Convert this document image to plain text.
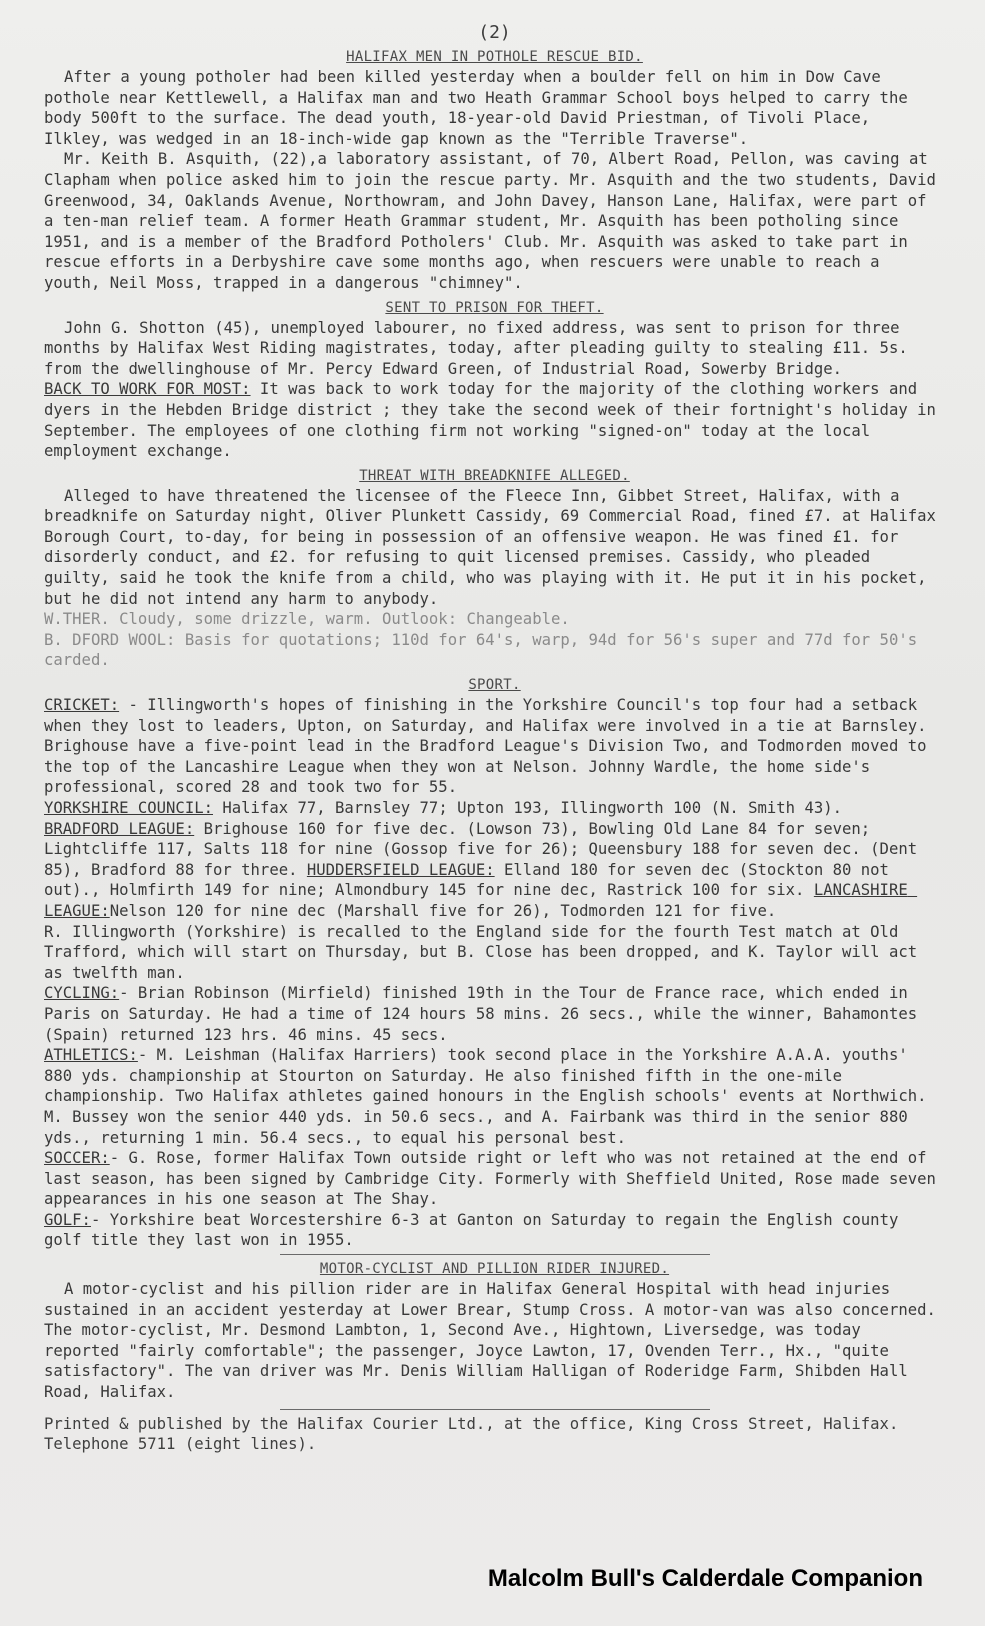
(2)
HALIFAX MEN IN POTHOLE RESCUE BID.

After a young potholer had been killed yesterday when a boulder fell on him in Dow Cave pothole near Kettlewell, a Halifax man and two Heath Grammar School boys helped to carry the body 500ft to the surface. The dead youth, 18-year-old David Priestman, of Tivoli Place, Ilkley, was wedged in an 18-inch-wide gap known as the "Terrible Traverse".

Mr. Keith B. Asquith, (22),a laboratory assistant, of 70, Albert Road, Pellon, was caving at Clapham when police asked him to join the rescue party. Mr. Asquith and the two students, David Greenwood, 34, Oaklands Avenue, Northowram, and John Davey, Hanson Lane, Halifax, were part of a ten-man relief team. A former Heath Grammar student, Mr. Asquith has been potholing since 1951, and is a member of the Bradford Potholers' Club. Mr. Asquith was asked to take part in rescue efforts in a Derbyshire cave some months ago, when rescuers were unable to reach a youth, Neil Moss, trapped in a dangerous "chimney".

SENT TO PRISON FOR THEFT.

John G. Shotton (45), unemployed labourer, no fixed address, was sent to prison for three months by Halifax West Riding magistrates, today, after pleading guilty to stealing £11. 5s. from the dwellinghouse of Mr. Percy Edward Green, of Industrial Road, Sowerby Bridge.

BACK TO WORK FOR MOST: It was back to work today for the majority of the clothing workers and dyers in the Hebden Bridge district ; they take the second week of their fortnight's holiday in September. The employees of one clothing firm not working "signed-on" today at the local employment exchange.

THREAT WITH BREADKNIFE ALLEGED.

Alleged to have threatened the licensee of the Fleece Inn, Gibbet Street, Halifax, with a breadknife on Saturday night, Oliver Plunkett Cassidy, 69 Commercial Road, fined £7. at Halifax Borough Court, to-day, for being in possession of an offensive weapon. He was fined £1. for disorderly conduct, and £2. for refusing to quit licensed premises. Cassidy, who pleaded guilty, said he took the knife from a child, who was playing with it. He put it in his pocket, but he did not intend any harm to anybody.

W.THER. Cloudy, some drizzle, warm. Outlook: Changeable.

B. DFORD WOOL: Basis for quotations; 110d for 64's, warp, 94d for 56's super and 77d for 50's carded.

SPORT.

CRICKET: - Illingworth's hopes of finishing in the Yorkshire Council's top four had a setback when they lost to leaders, Upton, on Saturday, and Halifax were involved in a tie at Barnsley. Brighouse have a five-point lead in the Bradford League's Division Two, and Todmorden moved to the top of the Lancashire League when they won at Nelson. Johnny Wardle, the home side's professional, scored 28 and took two for 55.

YORKSHIRE COUNCIL: Halifax 77, Barnsley 77; Upton 193, Illingworth 100 (N. Smith 43).

BRADFORD LEAGUE: Brighouse 160 for five dec. (Lowson 73), Bowling Old Lane 84 for seven; Lightcliffe 117, Salts 118 for nine (Gossop five for 26); Queensbury 188 for seven dec. (Dent 85), Bradford 88 for three. HUDDERSFIELD LEAGUE: Elland 180 for seven dec (Stockton 80 not out)., Holmfirth 149 for nine; Almondbury 145 for nine dec, Rastrick 100 for six. LANCASHIRE LEAGUE:Nelson 120 for nine dec (Marshall five for 26), Todmorden 121 for five.

R. Illingworth (Yorkshire) is recalled to the England side for the fourth Test match at Old Trafford, which will start on Thursday, but B. Close has been dropped, and K. Taylor will act as twelfth man.

CYCLING:- Brian Robinson (Mirfield) finished 19th in the Tour de France race, which ended in Paris on Saturday. He had a time of 124 hours 58 mins. 26 secs., while the winner, Bahamontes (Spain) returned 123 hrs. 46 mins. 45 secs.

ATHLETICS:- M. Leishman (Halifax Harriers) took second place in the Yorkshire A.A.A. youths' 880 yds. championship at Stourton on Saturday. He also finished fifth in the one-mile championship. Two Halifax athletes gained honours in the English schools' events at Northwich. M. Bussey won the senior 440 yds. in 50.6 secs., and A. Fairbank was third in the senior 880 yds., returning 1 min. 56.4 secs., to equal his personal best.

SOCCER:- G. Rose, former Halifax Town outside right or left who was not retained at the end of last season, has been signed by Cambridge City. Formerly with Sheffield United, Rose made seven appearances in his one season at The Shay.

GOLF:- Yorkshire beat Worcestershire 6-3 at Ganton on Saturday to regain the English county golf title they last won in 1955.

MOTOR-CYCLIST AND PILLION RIDER INJURED.

A motor-cyclist and his pillion rider are in Halifax General Hospital with head injuries sustained in an accident yesterday at Lower Brear, Stump Cross. A motor-van was also concerned. The motor-cyclist, Mr. Desmond Lambton, 1, Second Ave., Hightown, Liversedge, was today reported "fairly comfortable"; the passenger, Joyce Lawton, 17, Ovenden Terr., Hx., "quite satisfactory". The van driver was Mr. Denis William Halligan of Roderidge Farm, Shibden Hall Road, Halifax.

Printed & published by the Halifax Courier Ltd., at the office, King Cross Street, Halifax. Telephone 5711 (eight lines).

Malcolm Bull's Calderdale Companion
